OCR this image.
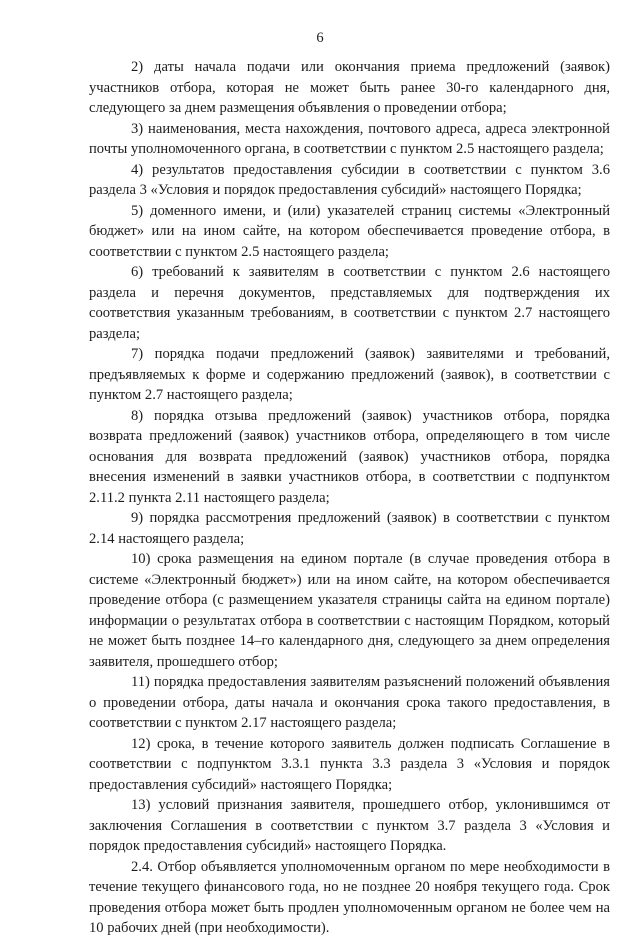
6

2) даты начала подачи или окончания приема предложений (заявок) участников отбора, которая не может быть ранее 30-го календарного дня, следующего за днем размещения объявления о проведении отбора;

3) наименования, места нахождения, почтового адреса, адреса электронной почты уполномоченного органа, в соответствии с пунктом 2.5 настоящего раздела;

4) результатов предоставления субсидии в соответствии с пунктом 3.6 раздела 3 «Условия и порядок предоставления субсидий» настоящего Порядка;

5) доменного имени, и (или) указателей страниц системы «Электронный бюджет» или на ином сайте, на котором обеспечивается проведение отбора, в соответствии с пунктом 2.5 настоящего раздела;

6) требований к заявителям в соответствии с пунктом 2.6 настоящего раздела и перечня документов, представляемых для подтверждения их соответствия указанным требованиям, в соответствии с пунктом 2.7 настоящего раздела;

7) порядка подачи предложений (заявок) заявителями и требований, предъявляемых к форме и содержанию предложений (заявок), в соответствии с пунктом 2.7 настоящего раздела;

8) порядка отзыва предложений (заявок) участников отбора, порядка возврата предложений (заявок) участников отбора, определяющего в том числе основания для возврата предложений (заявок) участников отбора, порядка внесения изменений в заявки участников отбора, в соответствии с подпунктом 2.11.2 пункта 2.11 настоящего раздела;

9) порядка рассмотрения предложений (заявок) в соответствии с пунктом 2.14 настоящего раздела;

10) срока размещения на едином портале (в случае проведения отбора в системе «Электронный бюджет») или на ином сайте, на котором обеспечивается проведение отбора (с размещением указателя страницы сайта на едином портале) информации о результатах отбора в соответствии с настоящим Порядком, который не может быть позднее 14–го календарного дня, следующего за днем определения заявителя, прошедшего отбор;

11) порядка предоставления заявителям разъяснений положений объявления о проведении отбора, даты начала и окончания срока такого предоставления, в соответствии с пунктом 2.17 настоящего раздела;

12) срока, в течение которого заявитель должен подписать Соглашение в соответствии с подпунктом 3.3.1 пункта 3.3 раздела 3 «Условия и порядок предоставления субсидий» настоящего Порядка;

13) условий признания заявителя, прошедшего отбор, уклонившимся от заключения Соглашения в соответствии с пунктом 3.7 раздела 3 «Условия и порядок предоставления субсидий» настоящего Порядка.

2.4. Отбор объявляется уполномоченным органом по мере необходимости в течение текущего финансового года, но не позднее 20 ноября текущего года. Срок проведения отбора может быть продлен уполномоченным органом не более чем на 10 рабочих дней (при необходимости).
